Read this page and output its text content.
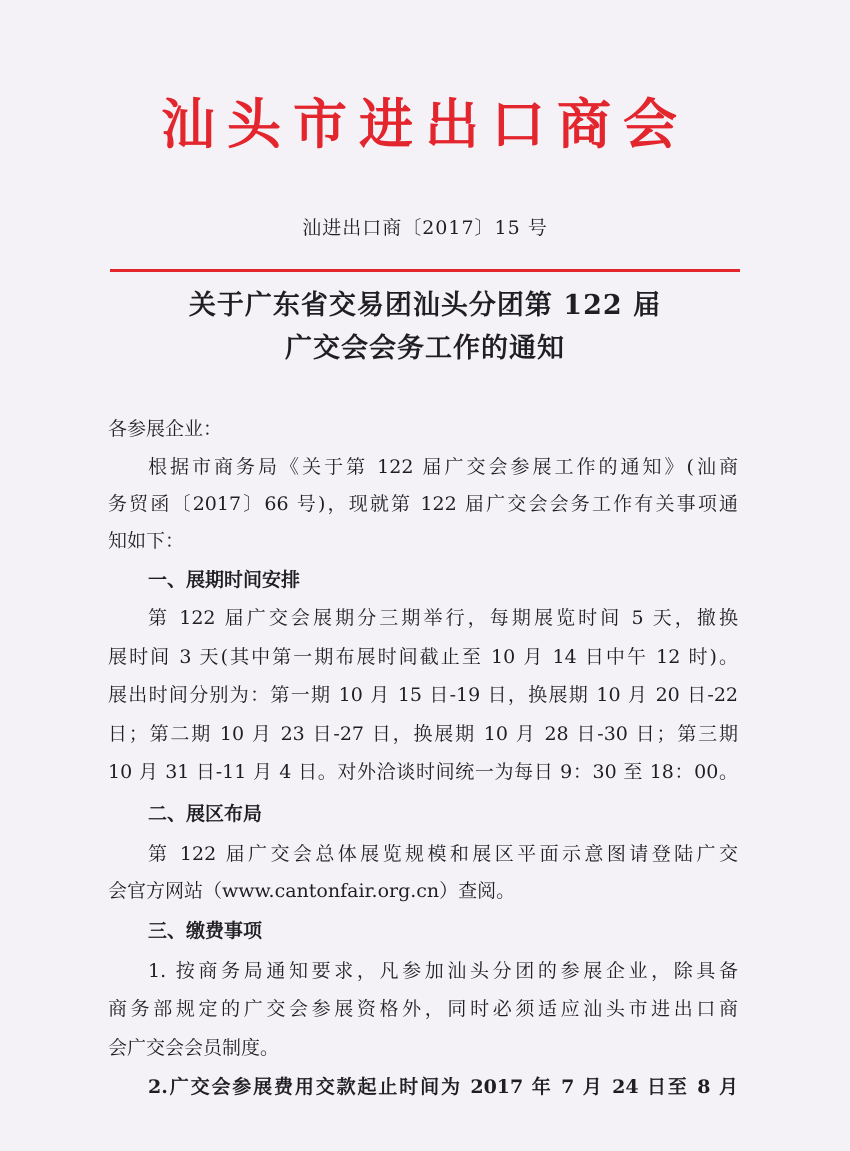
汕头市进出口商会
汕进出口商〔2017〕15 号
关于广东省交易团汕头分团第 122 届
广交会会务工作的通知
各参展企业：
根据市商务局《关于第 122 届广交会参展工作的通知》(汕商
务贸函〔2017〕66 号)，现就第 122 届广交会会务工作有关事项通
知如下：
一、展期时间安排
第 122 届广交会展期分三期举行，每期展览时间 5 天，撤换
展时间 3 天(其中第一期布展时间截止至 10 月 14 日中午 12 时)。
展出时间分别为：第一期 10 月 15 日-19 日，换展期 10 月 20 日-22
日；第二期 10 月 23 日-27 日，换展期 10 月 28 日-30 日；第三期
10 月 31 日-11 月 4 日。对外洽谈时间统一为每日 9：30 至 18：00。
二、展区布局
第 122 届广交会总体展览规模和展区平面示意图请登陆广交
会官方网站（www.cantonfair.org.cn）查阅。
三、缴费事项
1. 按商务局通知要求，凡参加汕头分团的参展企业，除具备
商务部规定的广交会参展资格外，同时必须适应汕头市进出口商
会广交会会员制度。
2.广交会参展费用交款起止时间为 2017 年 7 月 24 日至 8 月
